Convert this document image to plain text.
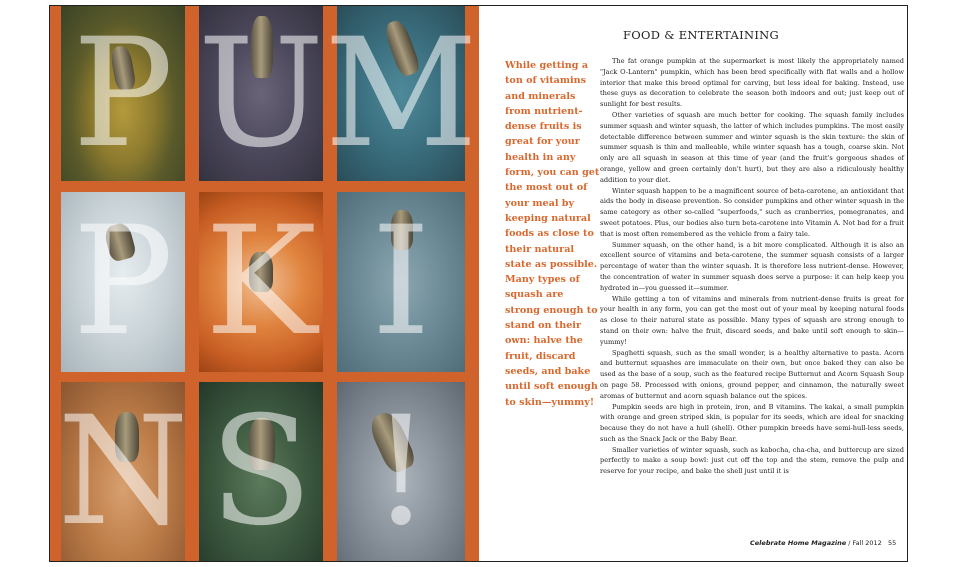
P U M
P K I
N S !

FOOD & ENTERTAINING

While getting a ton of vitamins and minerals from nutrient-dense fruits is great for your health in any form, you can get the most out of your meal by keeping natural foods as close to their natural state as possible. Many types of squash are strong enough to stand on their own: halve the fruit, discard seeds, and bake until soft enough to skin—yummy!

The fat orange pumpkin at the supermarket is most likely the appropriately named "Jack O-Lantern" pumpkin, which has been bred specifically with flat walls and a hollow interior that make this breed optimal for carving, but less ideal for baking. Instead, use these guys as decoration to celebrate the season both indoors and out; just keep out of sunlight for best results.

Other varieties of squash are much better for cooking. The squash family includes summer squash and winter squash, the latter of which includes pumpkins. The most easily detectable difference between summer and winter squash is the skin texture: the skin of summer squash is thin and malleable, while winter squash has a tough, coarse skin. Not only are all squash in season at this time of year (and the fruit's gorgeous shades of orange, yellow and green certainly don't hurt), but they are also a ridiculously healthy addition to your diet.

Winter squash happen to be a magnificent source of beta-carotene, an antioxidant that aids the body in disease prevention. So consider pumpkins and other winter squash in the same category as other so-called "superfoods," such as cranberries, pomegranates, and sweet potatoes. Plus, our bodies also turn beta-carotene into Vitamin A. Not bad for a fruit that is most often remembered as the vehicle from a fairy tale.

Summer squash, on the other hand, is a bit more complicated. Although it is also an excellent source of vitamins and beta-carotene, the summer squash consists of a larger percentage of water than the winter squash. It is therefore less nutrient-dense. However, the concentration of water in summer squash does serve a purpose: it can help keep you hydrated in—you guessed it—summer.

While getting a ton of vitamins and minerals from nutrient-dense fruits is great for your health in any form, you can get the most out of your meal by keeping natural foods as close to their natural state as possible. Many types of squash are strong enough to stand on their own: halve the fruit, discard seeds, and bake until soft enough to skin—yummy!

Spaghetti squash, such as the small wonder, is a healthy alternative to pasta. Acorn and butternut squashes are immaculate on their own, but once baked they can also be used as the base of a soup, such as the featured recipe Butternut and Acorn Squash Soup on page 58. Processed with onions, ground pepper, and cinnamon, the naturally sweet aromas of butternut and acorn squash balance out the spices.

Pumpkin seeds are high in protein, iron, and B vitamins. The kakai, a small pumpkin with orange and green striped skin, is popular for its seeds, which are ideal for snacking because they do not have a hull (shell). Other pumpkin breeds have semi-hull-less seeds, such as the Snack Jack or the Baby Bear.

Smaller varieties of winter squash, such as kabocha, cha-cha, and buttercup are sized perfectly to make a soup bowl: just cut off the top and the stem, remove the pulp and reserve for your recipe, and bake the shell just until it is

Celebrate Home Magazine / Fall 2012 55
